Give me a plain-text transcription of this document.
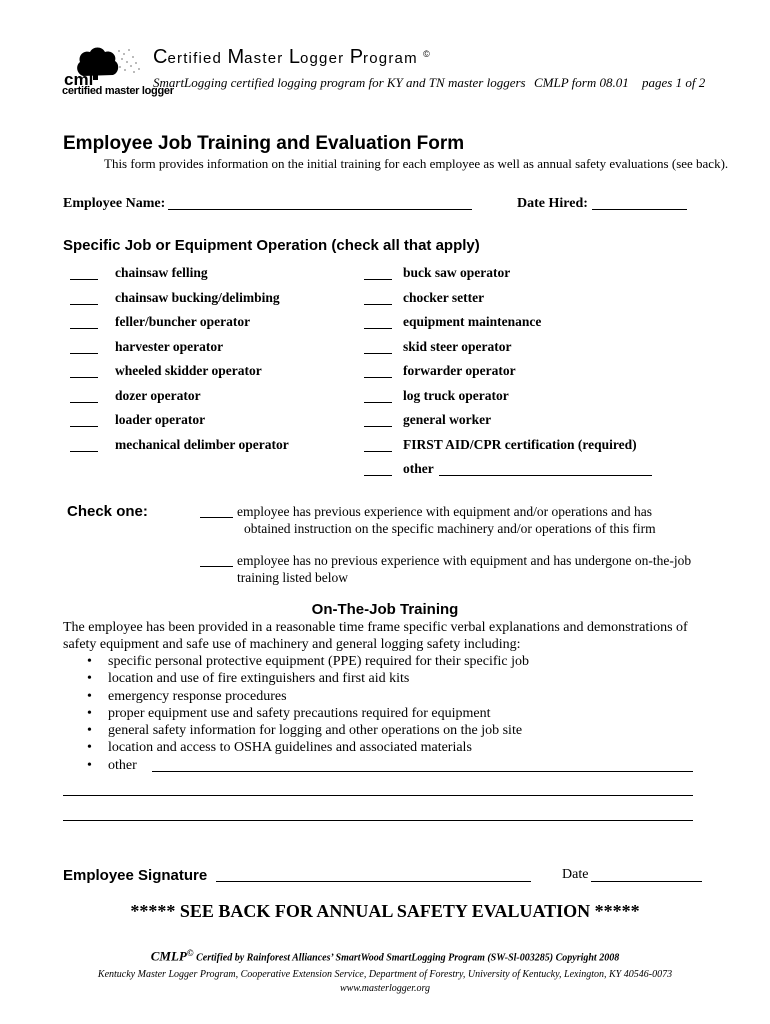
cml
certified master logger
Certified Master Logger Program ©
SmartLogging certified logging program for KY and TN master loggers CMLP form 08.01 pages 1 of 2
Employee Job Training and Evaluation Form
This form provides information on the initial training for each employee as well as annual safety evaluations (see back).
Employee Name:	Date Hired:
Specific Job or Equipment Operation (check all that apply)
chainsaw felling
chainsaw bucking/delimbing
feller/buncher operator
harvester operator
wheeled skidder operator
dozer operator
loader operator
mechanical delimber operator
buck saw operator
chocker setter
equipment maintenance
skid steer operator
forwarder operator
log truck operator
general worker
FIRST AID/CPR certification (required)
other
Check one:	employee has previous experience with equipment and/or operations and has
obtained instruction on the specific machinery and/or operations of this firm
employee has no previous experience with equipment and has undergone on-the-job
training listed below
On-The-Job Training
The employee has been provided in a reasonable time frame specific verbal explanations and demonstrations of safety equipment and safe use of machinery and general logging safety including:
• specific personal protective equipment (PPE) required for their specific job
• location and use of fire extinguishers and first aid kits
• emergency response procedures
• proper equipment use and safety precautions required for equipment
• general safety information for logging and other operations on the job site
• location and access to OSHA guidelines and associated materials
• other
Employee Signature	Date
***** SEE BACK FOR ANNUAL SAFETY EVALUATION *****
CMLP© Certified by Rainforest Alliances’ SmartWood SmartLogging Program (SW-Sl-003285) Copyright 2008
Kentucky Master Logger Program, Cooperative Extension Service, Department of Forestry, University of Kentucky, Lexington, KY 40546-0073
www.masterlogger.org
